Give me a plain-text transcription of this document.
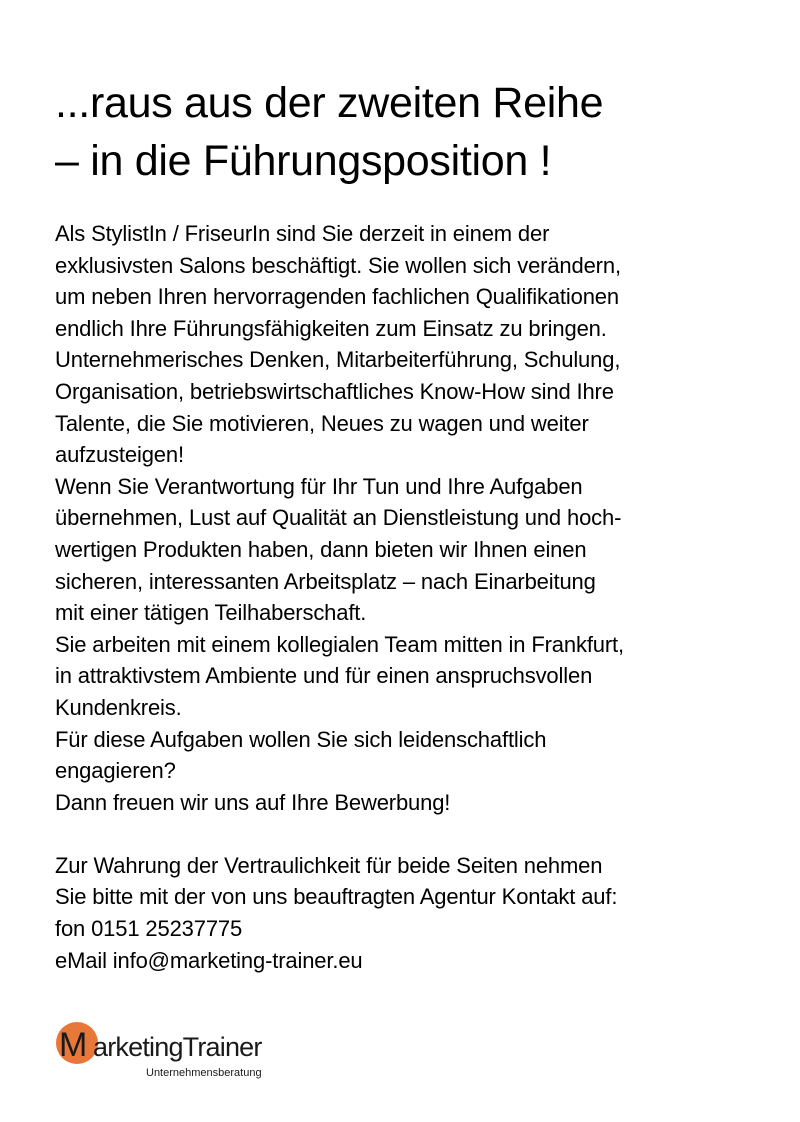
...raus aus der zweiten Reihe
– in die Führungsposition !
Als StylistIn / FriseurIn sind Sie derzeit in einem der
exklusivsten Salons beschäftigt. Sie wollen sich verändern,
um neben Ihren hervorragenden fachlichen Qualifikationen
endlich Ihre Führungsfähigkeiten zum Einsatz zu bringen.
Unternehmerisches Denken, Mitarbeiterführung, Schulung,
Organisation, betriebswirtschaftliches Know-How sind Ihre
Talente, die Sie motivieren, Neues zu wagen und weiter
aufzusteigen!
Wenn Sie Verantwortung für Ihr Tun und Ihre Aufgaben
übernehmen, Lust auf Qualität an Dienstleistung und hoch-
wertigen Produkten haben, dann bieten wir Ihnen einen
sicheren, interessanten Arbeitsplatz – nach Einarbeitung
mit einer tätigen Teilhaberschaft.
Sie arbeiten mit einem kollegialen Team mitten in Frankfurt,
in attraktivstem Ambiente und für einen anspruchsvollen
Kundenkreis.
Für diese Aufgaben wollen Sie sich leidenschaftlich
engagieren?
Dann freuen wir uns auf Ihre Bewerbung!
Zur Wahrung der Vertraulichkeit für beide Seiten nehmen
Sie bitte mit der von uns beauftragten Agentur Kontakt auf:
fon 0151 25237775
eMail info@marketing-trainer.eu
M arketingTrainer
Unternehmensberatung
